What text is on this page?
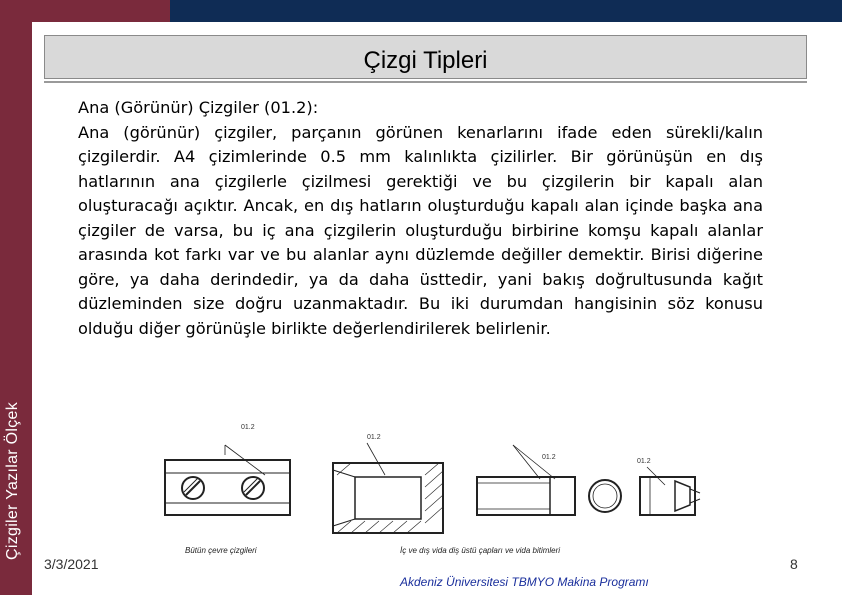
Çizgiler Yazılar Ölçek
Çizgi Tipleri
Ana (Görünür) Çizgiler (01.2):
Ana (görünür) çizgiler, parçanın görünen kenarlarını ifade eden sürekli/kalın çizgilerdir. A4 çizimlerinde 0.5 mm kalınlıkta çizilirler. Bir görünüşün en dış hatlarının ana çizgilerle çizilmesi gerektiği ve bu çizgilerin bir kapalı alan oluşturacağı açıktır. Ancak, en dış hatların oluşturduğu kapalı alan içinde başka ana çizgiler de varsa, bu iç ana çizgilerin oluşturduğu birbirine komşu kapalı alanlar arasında kot farkı var ve bu alanlar aynı düzlemde değiller demektir. Birisi diğerine göre, ya daha derindedir, ya da daha üsttedir, yani bakış doğrultusunda kağıt düzleminden size doğru uzanmaktadır. Bu iki durumdan hangisinin söz konusu olduğu diğer görünüşle birlikte değerlendirilerek belirlenir.
01.2
01.2
01.2
01.2
Bütün çevre çizgileri	İç ve dış vida diş üstü çapları ve vida bitimleri
3/3/2021	8
Akdeniz Üniversitesi TBMYO Makina Programı
